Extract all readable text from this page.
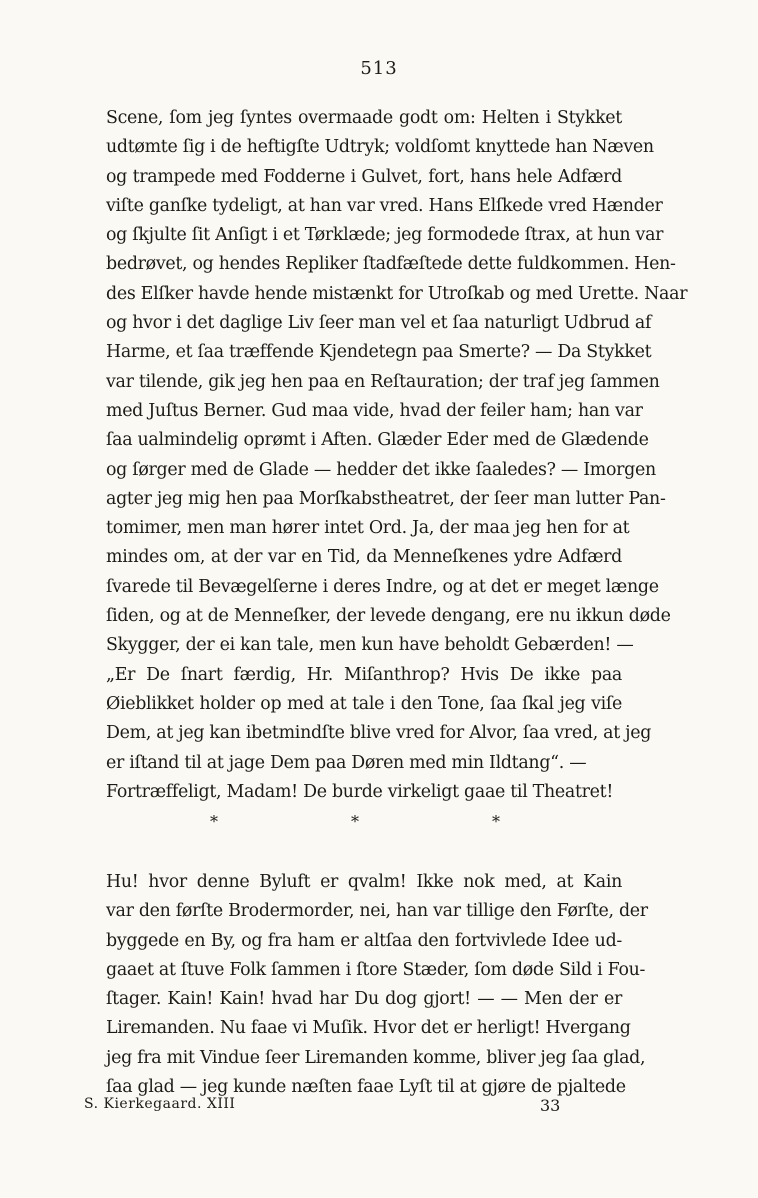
513
Scene, ſom jeg ſyntes overmaade godt om: Helten i Stykket
udtømte ſig i de heftigſte Udtryk; voldſomt knyttede han Næven
og trampede med Fodderne i Gulvet, fort, hans hele Adfærd
viſte ganſke tydeligt, at han var vred. Hans Elſkede vred Hænder
og ſkjulte ſit Anſigt i et Tørklæde; jeg formodede ſtrax, at hun var
bedrøvet, og hendes Repliker ſtadfæſtede dette fuldkommen. Hen-
des Elſker havde hende mistænkt for Utroſkab og med Urette. Naar
og hvor i det daglige Liv ſeer man vel et ſaa naturligt Udbrud af
Harme, et ſaa træffende Kjendetegn paa Smerte? — Da Stykket
var tilende, gik jeg hen paa en Reſtauration; der traf jeg ſammen
med Juſtus Berner. Gud maa vide, hvad der feiler ham; han var
ſaa ualmindelig oprømt i Aften. Glæder Eder med de Glædende
og ſørger med de Glade — hedder det ikke ſaaledes? — Imorgen
agter jeg mig hen paa Morſkabstheatret, der ſeer man lutter Pan-
tomimer, men man hører intet Ord. Ja, der maa jeg hen for at
mindes om, at der var en Tid, da Menneſkenes ydre Adfærd
ſvarede til Bevægelſerne i deres Indre, og at det er meget længe
ſiden, og at de Menneſker, der levede dengang, ere nu ikkun døde
Skygger, der ei kan tale, men kun have beholdt Gebærden! —
„Er De ſnart færdig, Hr. Miſanthrop? Hvis De ikke paa
Øieblikket holder op med at tale i den Tone, ſaa ſkal jeg viſe
Dem, at jeg kan ibetmindſte blive vred for Alvor, ſaa vred, at jeg
er iſtand til at jage Dem paa Døren med min Ildtang“. —
Fortræffeligt, Madam! De burde virkeligt gaae til Theatret!
*	*	*
Hu! hvor denne Byluft er qvalm! Ikke nok med, at Kain
var den førſte Brodermorder, nei, han var tillige den Førſte, der
byggede en By, og fra ham er altſaa den fortvivlede Idee ud-
gaaet at ſtuve Folk ſammen i ſtore Stæder, ſom døde Sild i Fou-
ſtager. Kain! Kain! hvad har Du dog gjort! — — Men der er
Liremanden. Nu faae vi Muſik. Hvor det er herligt! Hvergang
jeg fra mit Vindue ſeer Liremanden komme, bliver jeg ſaa glad,
ſaa glad — jeg kunde næſten faae Lyſt til at gjøre de pjaltede
S. Kierkegaard. XIII	33
